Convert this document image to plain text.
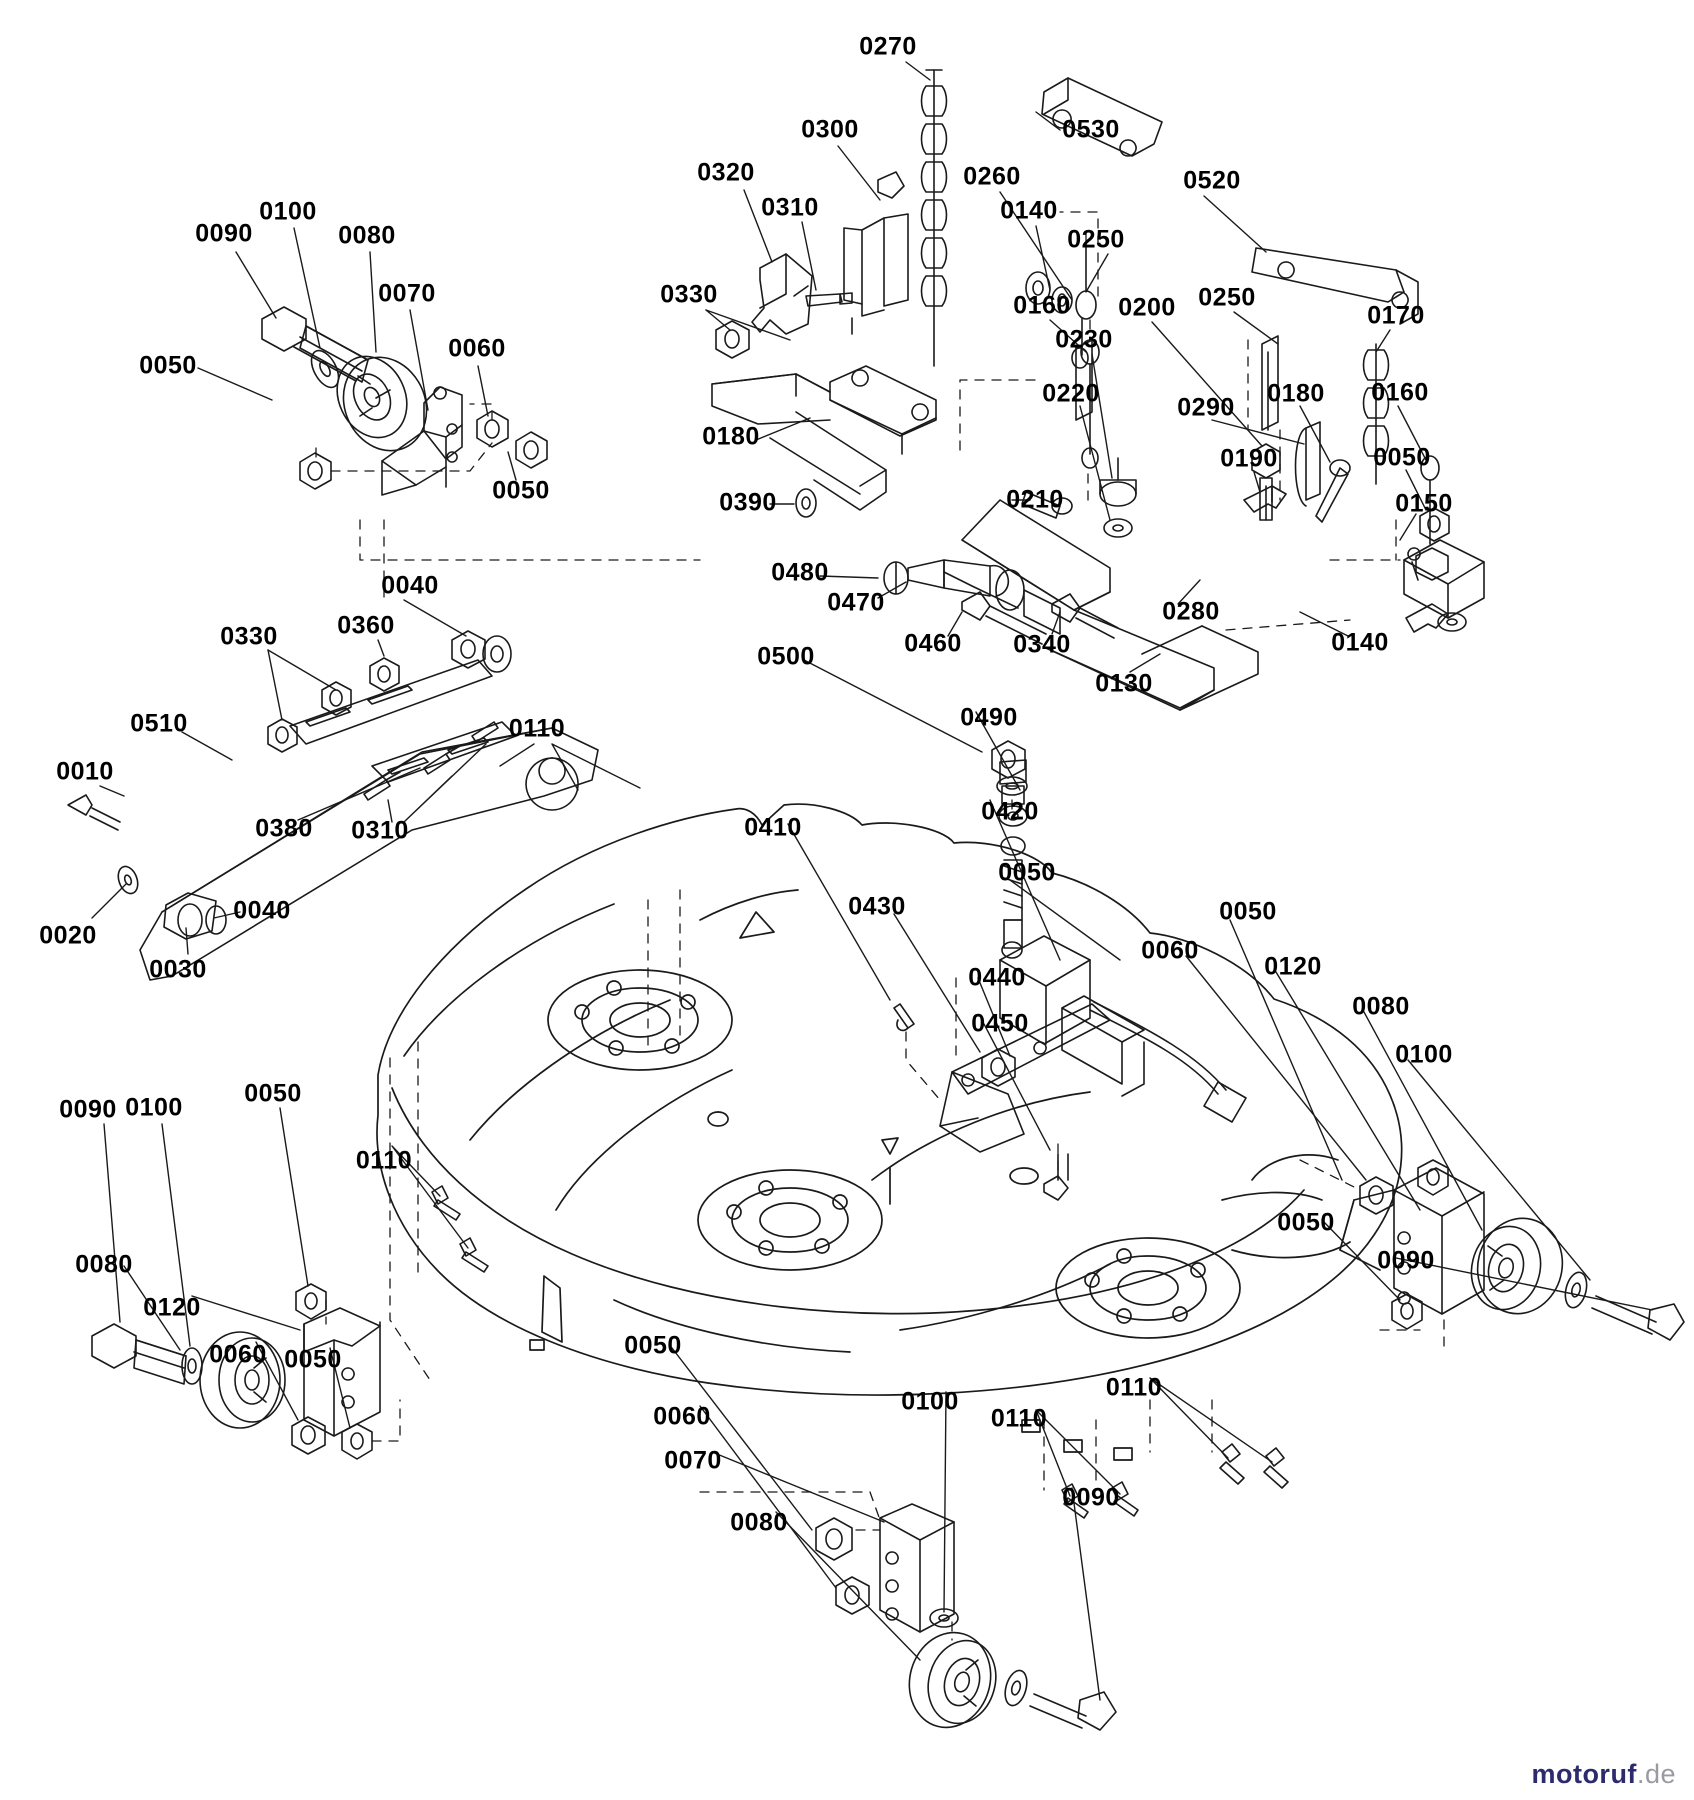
0270
0530
0300
0320	0260	0520
0310	0140
0090
0100
0080	0250
0330
0070	0160 0200 0250
0170
0230
0060
0050
0220	0180 0160
0290
0180
0190	0050
0050	0390	0210	0150
0480
0280
0470
0140
0040
0460
0360
0330	0340
0130
0500
0490
0510	0110
0010
0380 0310
0420
0410
0020
0040
0030
0050
0430	0050
0060
0120
0080
0440
0100
0450
0090 0100 0050
0110
0050
0080	0090
0120
0060 0050	0050
0110
0060
0100
0110
0070
0090
0080
motoruf.de
